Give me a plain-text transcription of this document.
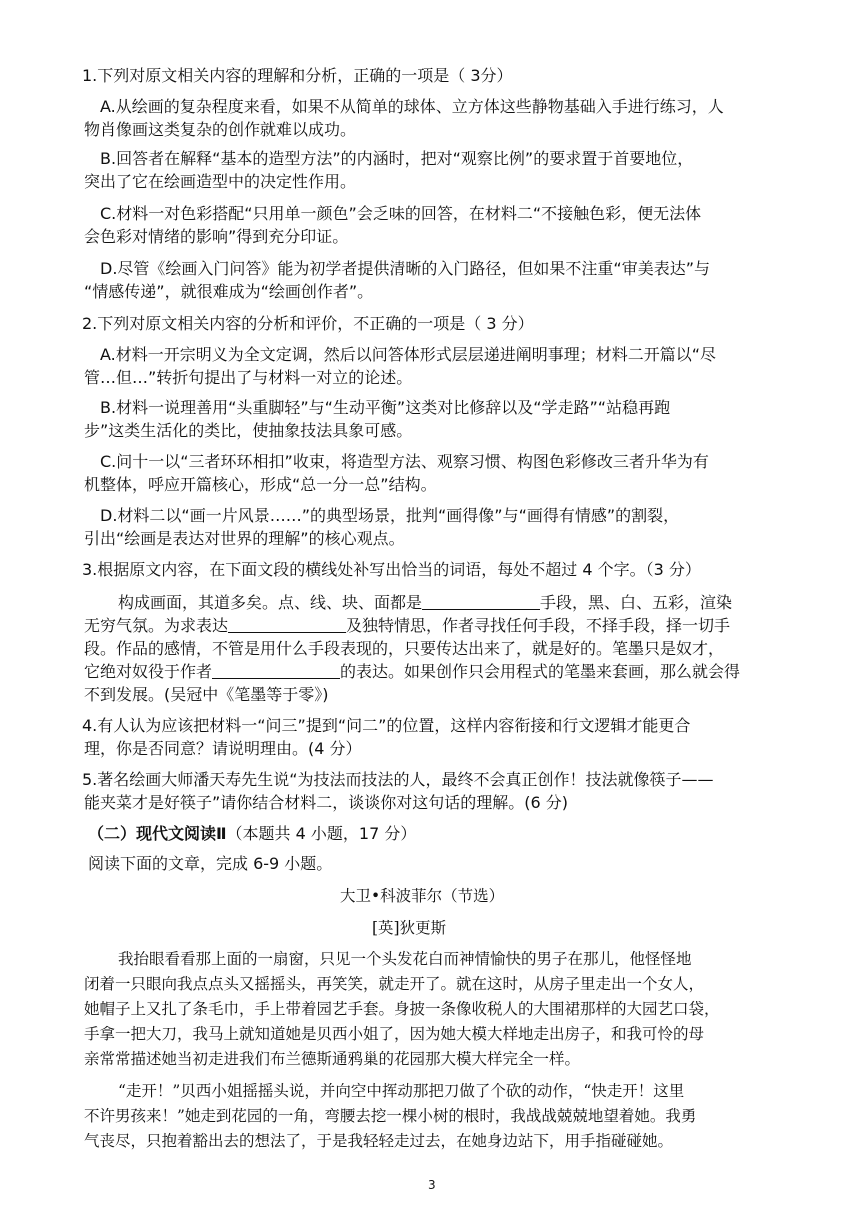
1.下列对原文相关内容的理解和分析，正确的一项是（ 3分）
A.从绘画的复杂程度来看，如果不从简单的球体、立方体这些静物基础入手进行练习，人
物肖像画这类复杂的创作就难以成功。
B.回答者在解释“基本的造型方法”的内涵时，把对“观察比例”的要求置于首要地位，
突出了它在绘画造型中的决定性作用。
C.材料一对色彩搭配“只用单一颜色”会乏味的回答，在材料二“不接触色彩，便无法体
会色彩对情绪的影响”得到充分印证。
D.尽管《绘画入门问答》能为初学者提供清晰的入门路径，但如果不注重“审美表达”与
“情感传递”，就很难成为“绘画创作者”。
2.下列对原文相关内容的分析和评价，不正确的一项是（ 3 分）
A.材料一开宗明义为全文定调，然后以问答体形式层层递进阐明事理；材料二开篇以“尽
管…但…”转折句提出了与材料一对立的论述。
B.材料一说理善用“头重脚轻”与“生动平衡”这类对比修辞以及“学走路”“站稳再跑
步”这类生活化的类比，使抽象技法具象可感。
C.问十一以“三者环环相扣”收束，将造型方法、观察习惯、构图色彩修改三者升华为有
机整体，呼应开篇核心，形成“总一分一总”结构。
D.材料二以“画一片风景……”的典型场景，批判“画得像”与“画得有情感”的割裂，
引出“绘画是表达对世界的理解”的核心观点。
3.根据原文内容，在下面文段的横线处补写出恰当的词语，每处不超过 4 个字。（3 分）
构成画面，其道多矣。点、线、块、面都是	手段，黑、白、五彩，渲染
无穷气氛。为求表达	及独特情思，作者寻找任何手段，不择手段，择一切手
段。作品的感情，不管是用什么手段表现的，只要传达出来了，就是好的。笔墨只是奴才，
它绝对奴役于作者	的表达。如果创作只会用程式的笔墨来套画，那么就会得
不到发展。(吴冠中《笔墨等于零》)
4.有人认为应该把材料一“问三”提到“问二”的位置，这样内容衔接和行文逻辑才能更合
理，你是否同意？请说明理由。(4 分）
5.著名绘画大师潘天寿先生说“为技法而技法的人，最终不会真正创作！技法就像筷子——
能夹菜才是好筷子”请你结合材料二，谈谈你对这句话的理解。(6 分)
（二）现代文阅读Ⅱ（本题共 4 小题，17 分）
阅读下面的文章，完成 6-9 小题。
大卫•科波菲尔（节选）
[英]狄更斯
我抬眼看看那上面的一扇窗，只见一个头发花白而神情愉快的男子在那儿，他怪怪地
闭着一只眼向我点点头又摇摇头，再笑笑，就走开了。就在这时，从房子里走出一个女人，
她帽子上又扎了条毛巾，手上带着园艺手套。身披一条像收税人的大围裙那样的大园艺口袋，
手拿一把大刀，我马上就知道她是贝西小姐了，因为她大模大样地走出房子，和我可怜的母
亲常常描述她当初走进我们布兰德斯通鸦巢的花园那大模大样完全一样。
“走开！”贝西小姐摇摇头说，并向空中挥动那把刀做了个砍的动作，“快走开！这里
不许男孩来！”她走到花园的一角，弯腰去挖一棵小树的根时，我战战兢兢地望着她。我勇
气丧尽，只抱着豁出去的想法了，于是我轻轻走过去，在她身边站下，用手指碰碰她。
3
